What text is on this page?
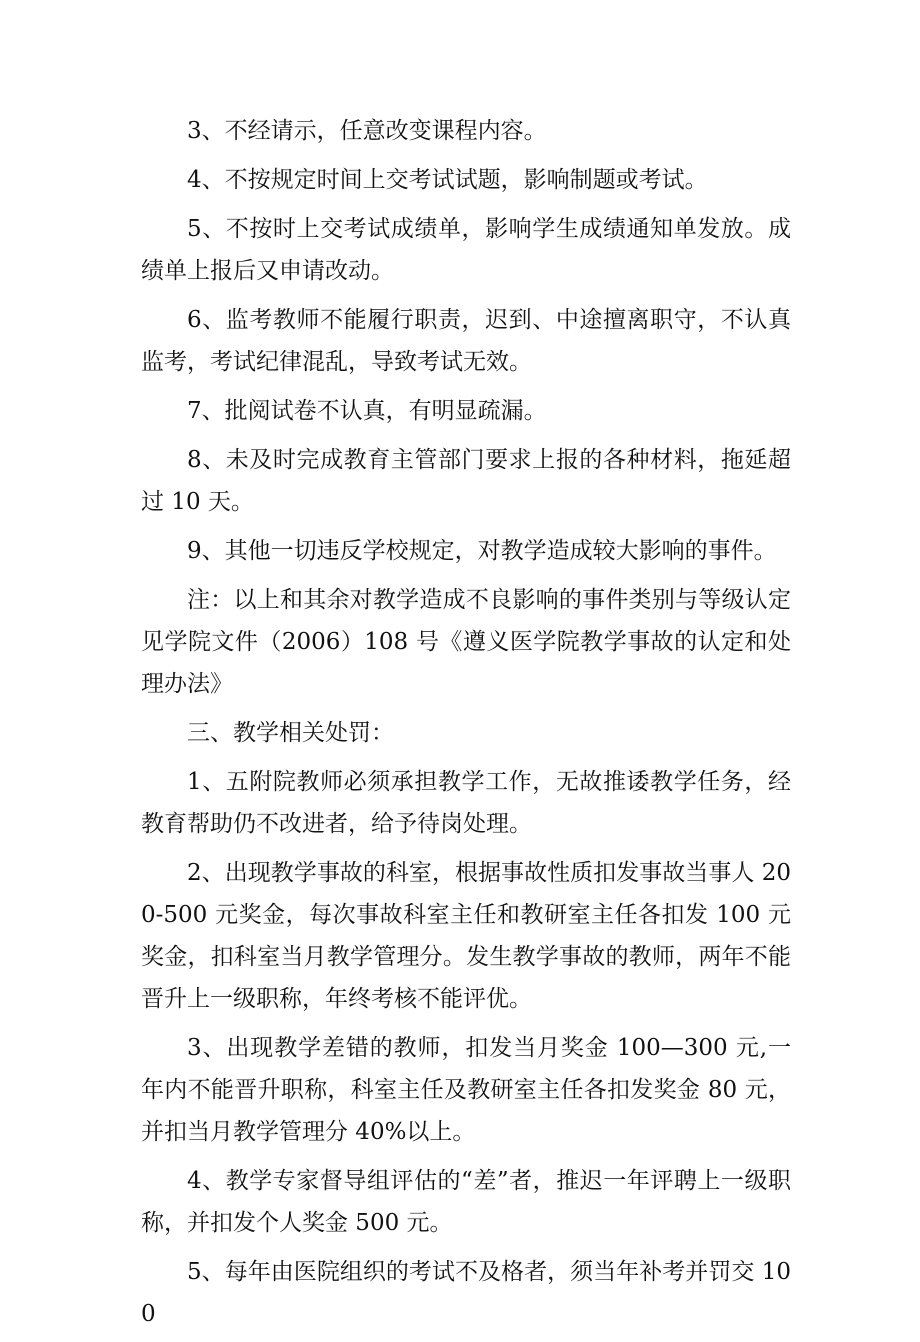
3、不经请示，任意改变课程内容。

4、不按规定时间上交考试试题，影响制题或考试。

5、不按时上交考试成绩单，影响学生成绩通知单发放。成绩单上报后又申请改动。

6、监考教师不能履行职责，迟到、中途擅离职守，不认真监考，考试纪律混乱，导致考试无效。

7、批阅试卷不认真，有明显疏漏。

8、未及时完成教育主管部门要求上报的各种材料，拖延超过 10 天。

9、其他一切违反学校规定，对教学造成较大影响的事件。

注：以上和其余对教学造成不良影响的事件类别与等级认定见学院文件（2006）108 号《遵义医学院教学事故的认定和处理办法》

三、教学相关处罚：

1、五附院教师必须承担教学工作，无故推诿教学任务，经教育帮助仍不改进者，给予待岗处理。

2、出现教学事故的科室，根据事故性质扣发事故当事人 200-500 元奖金，每次事故科室主任和教研室主任各扣发 100 元奖金，扣科室当月教学管理分。发生教学事故的教师，两年不能晋升上一级职称，年终考核不能评优。

3、出现教学差错的教师，扣发当月奖金 100—300 元,一年内不能晋升职称，科室主任及教研室主任各扣发奖金 80 元，并扣当月教学管理分 40%以上。

4、教学专家督导组评估的“差”者，推迟一年评聘上一级职称，并扣发个人奖金 500 元。

5、每年由医院组织的考试不及格者，须当年补考并罚交 100
